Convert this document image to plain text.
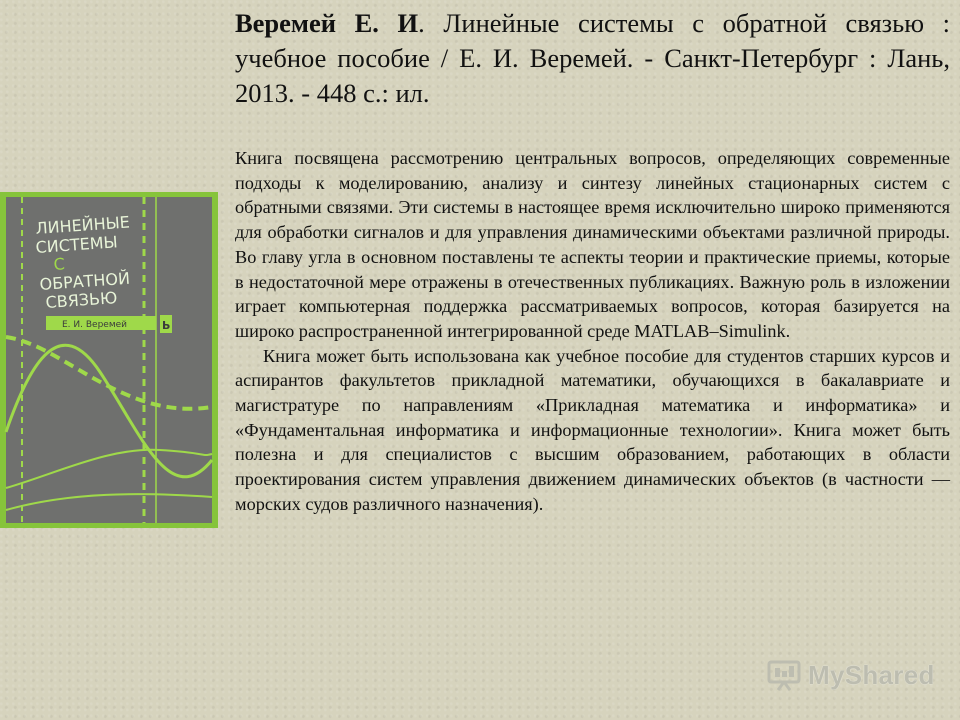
Веремей Е. И. Линейные системы с обратной связью : учебное пособие / Е. И. Веремей. - Санкт-Петербург : Лань, 2013. - 448 с.: ил.

Книга посвящена рассмотрению центральных вопросов, определяющих современные подходы к моделированию, анализу и синтезу линейных стационарных систем с обратными связями. Эти системы в настоящее время исключительно широко применяются для обработки сигналов и для управления динамическими объектами различной природы. Во главу угла в основном поставлены те аспекты теории и практические приемы, которые в недостаточной мере отражены в отечественных публикациях. Важную роль в изложении играет компьютерная поддержка рассматриваемых вопросов, которая базируется на широко распространенной интегрированной среде MATLAB–Simulink.

Книга может быть использована как учебное пособие для студентов старших курсов и аспирантов факультетов прикладной математики, обучающихся в бакалавриате и магистратуре по направлениям «Прикладная математика и информатика» и «Фундаментальная информатика и информационные технологии». Книга может быть полезна и для специалистов с высшим образованием, работающих в области проектирования систем управления движением динамических объектов (в частности — морских судов различного назначения).

ЛИНЕЙНЫЕ
СИСТЕМЫ
С
ОБРАТНОЙ
СВЯЗЬЮ
Е. И. Веремей	Ь
MyShared
